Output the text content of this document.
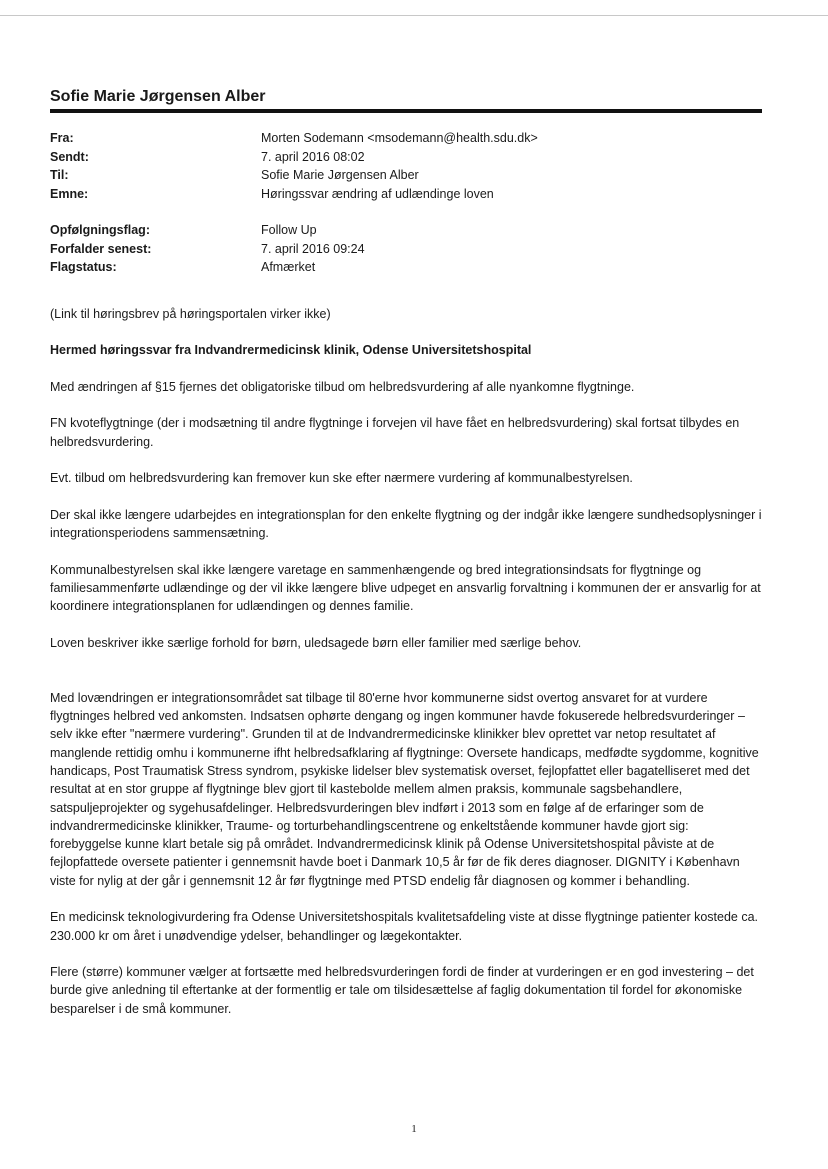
Sofie Marie Jørgensen Alber
Fra:	Morten Sodemann <msodemann@health.sdu.dk>
Sendt:	7. april 2016 08:02
Til:	Sofie Marie Jørgensen Alber
Emne:	Høringssvar ændring af udlændinge loven
Opfølgningsflag:	Follow Up
Forfalder senest:	7. april 2016 09:24
Flagstatus:	Afmærket

(Link til høringsbrev på høringsportalen virker ikke)

Hermed høringssvar fra Indvandrermedicinsk klinik, Odense Universitetshospital

Med ændringen af §15 fjernes det obligatoriske tilbud om helbredsvurdering af alle nyankomne flygtninge.

FN kvoteflygtninge (der i modsætning til andre flygtninge i forvejen vil have fået en helbredsvurdering) skal fortsat tilbydes en helbredsvurdering.

Evt. tilbud om helbredsvurdering kan fremover kun ske efter nærmere vurdering af kommunalbestyrelsen.

Der skal ikke længere udarbejdes en integrationsplan for den enkelte flygtning og der indgår ikke længere sundhedsoplysninger i integrationsperiodens sammensætning.

Kommunalbestyrelsen skal ikke længere varetage en sammenhængende og bred integrationsindsats for flygtninge og familiesammenførte udlændinge og der vil ikke længere blive udpeget en ansvarlig forvaltning i kommunen der er ansvarlig for at koordinere integrationsplanen for udlændingen og dennes familie.

Loven beskriver ikke særlige forhold for børn, uledsagede børn eller familier med særlige behov.

Med lovændringen er integrationsområdet sat tilbage til 80'erne hvor kommunerne sidst overtog ansvaret for at vurdere flygtninges helbred ved ankomsten. Indsatsen ophørte dengang og ingen kommuner havde fokuserede helbredsvurderinger – selv ikke efter "nærmere vurdering". Grunden til at de Indvandrermedicinske klinikker blev oprettet var netop resultatet af manglende rettidig omhu i kommunerne ifht helbredsafklaring af flygtninge: Oversete handicaps, medfødte sygdomme, kognitive handicaps, Post Traumatisk Stress syndrom, psykiske lidelser blev systematisk overset, fejlopfattet eller bagatelliseret med det resultat at en stor gruppe af flygtninge blev gjort til kastebolde mellem almen praksis, kommunale sagsbehandlere, satspuljeprojekter og sygehusafdelinger. Helbredsvurderingen blev indført i 2013 som en følge af de erfaringer som de indvandrermedicinske klinikker, Traume- og torturbehandlingscentrene og enkeltstående kommuner havde gjort sig: forebyggelse kunne klart betale sig på området. Indvandrermedicinsk klinik på Odense Universitetshospital påviste at de fejlopfattede oversete patienter i gennemsnit havde boet i Danmark 10,5 år før de fik deres diagnoser. DIGNITY i København viste for nylig at der går i gennemsnit 12 år før flygtninge med PTSD endelig får diagnosen og kommer i behandling.

En medicinsk teknologivurdering fra Odense Universitetshospitals kvalitetsafdeling viste at disse flygtninge patienter kostede ca. 230.000 kr om året i unødvendige ydelser, behandlinger og lægekontakter.

Flere (større) kommuner vælger at fortsætte med helbredsvurderingen fordi de finder at vurderingen er en god investering – det burde give anledning til eftertanke at der formentlig er tale om tilsidesættelse af faglig dokumentation til fordel for økonomiske besparelser i de små kommuner.

1
